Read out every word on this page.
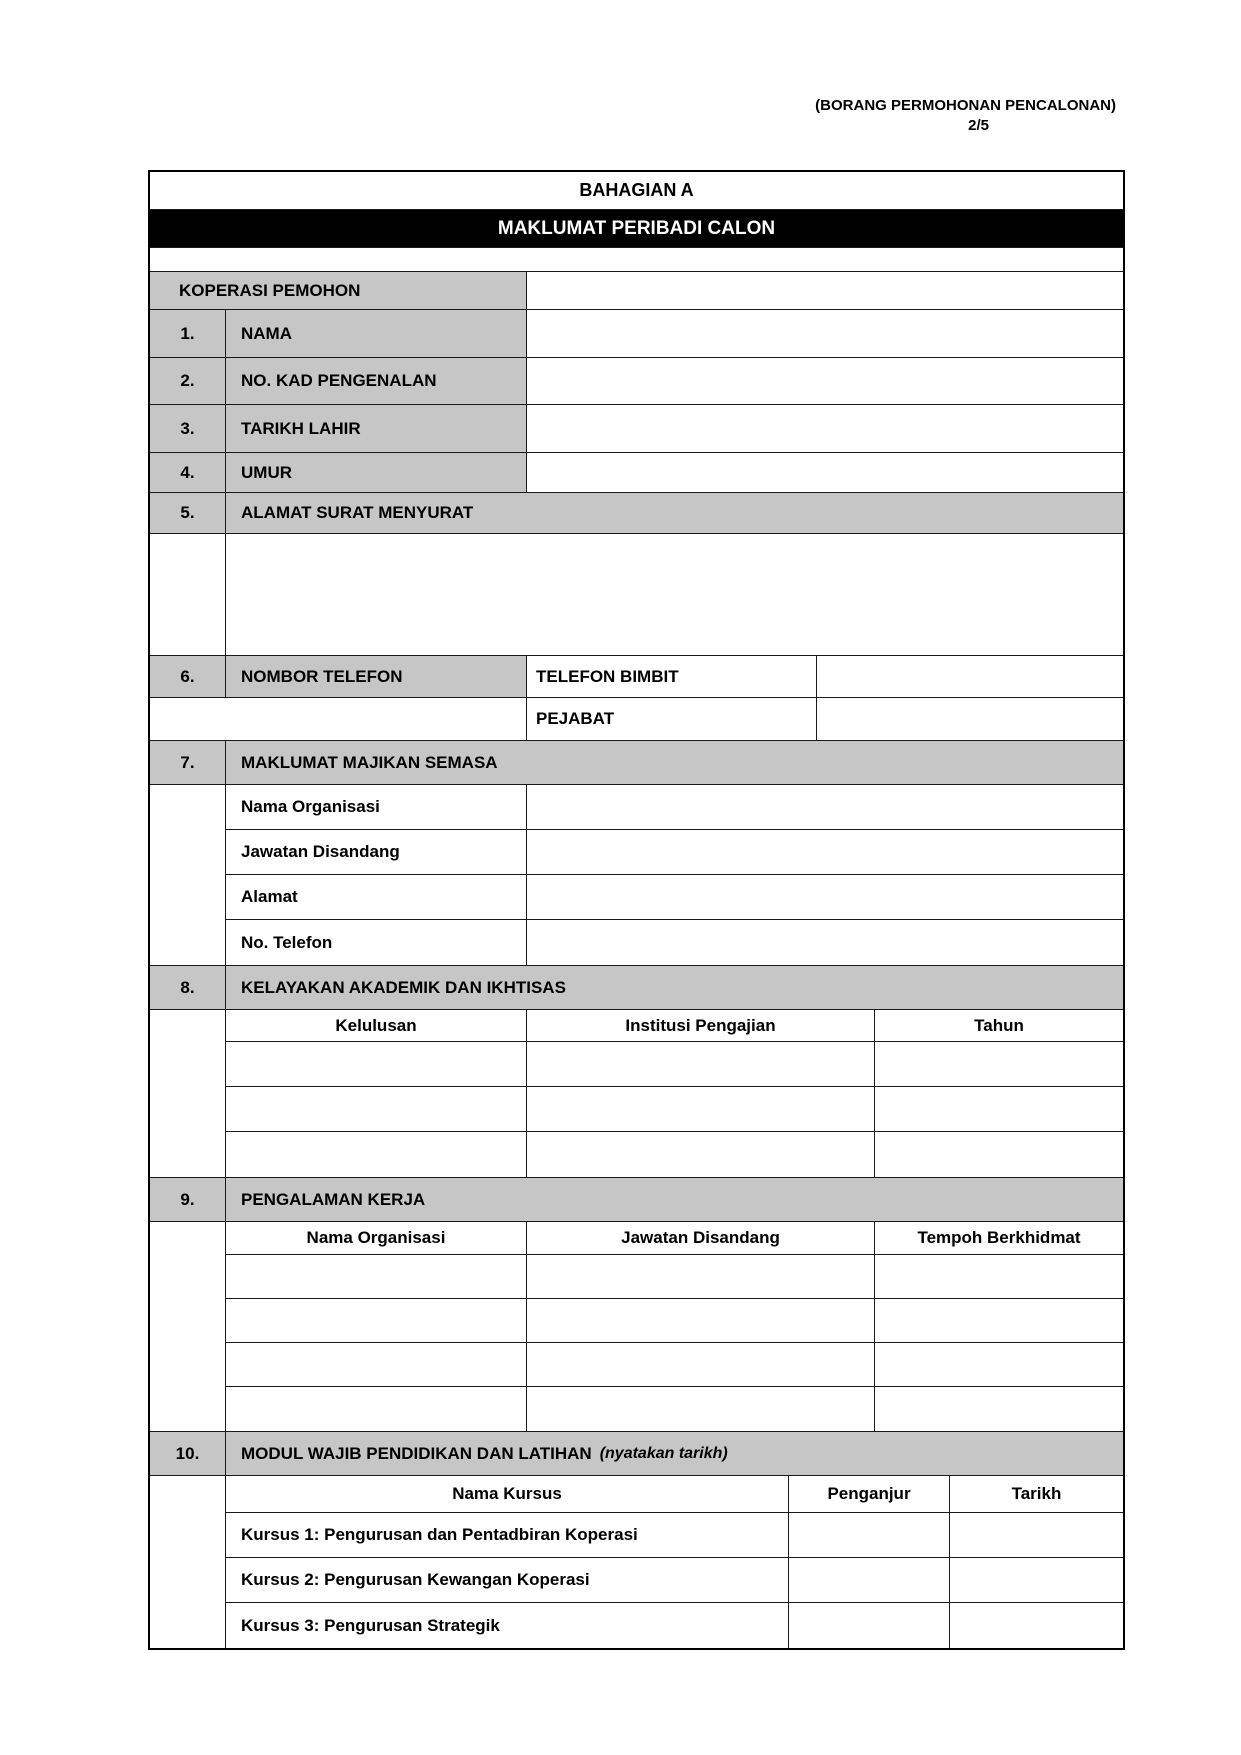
(BORANG PERMOHONAN PENCALONAN)
2/5
BAHAGIAN A
MAKLUMAT PERIBADI CALON
KOPERASI PEMOHON
1.	NAMA
2.	NO. KAD PENGENALAN
3.	TARIKH LAHIR
4.	UMUR
5.	ALAMAT SURAT MENYURAT
6.	NOMBOR TELEFON	TELEFON BIMBIT
PEJABAT
7.	MAKLUMAT MAJIKAN SEMASA
Nama Organisasi
Jawatan Disandang
Alamat
No. Telefon
8.	KELAYAKAN AKADEMIK DAN IKHTISAS
Kelulusan	Institusi Pengajian	Tahun
9.	PENGALAMAN KERJA
Nama Organisasi	Jawatan Disandang	Tempoh Berkhidmat
10.	MODUL WAJIB PENDIDIKAN DAN LATIHAN (nyatakan tarikh)
Nama Kursus	Penganjur	Tarikh
Kursus 1: Pengurusan dan Pentadbiran Koperasi
Kursus 2: Pengurusan Kewangan Koperasi
Kursus 3: Pengurusan Strategik
